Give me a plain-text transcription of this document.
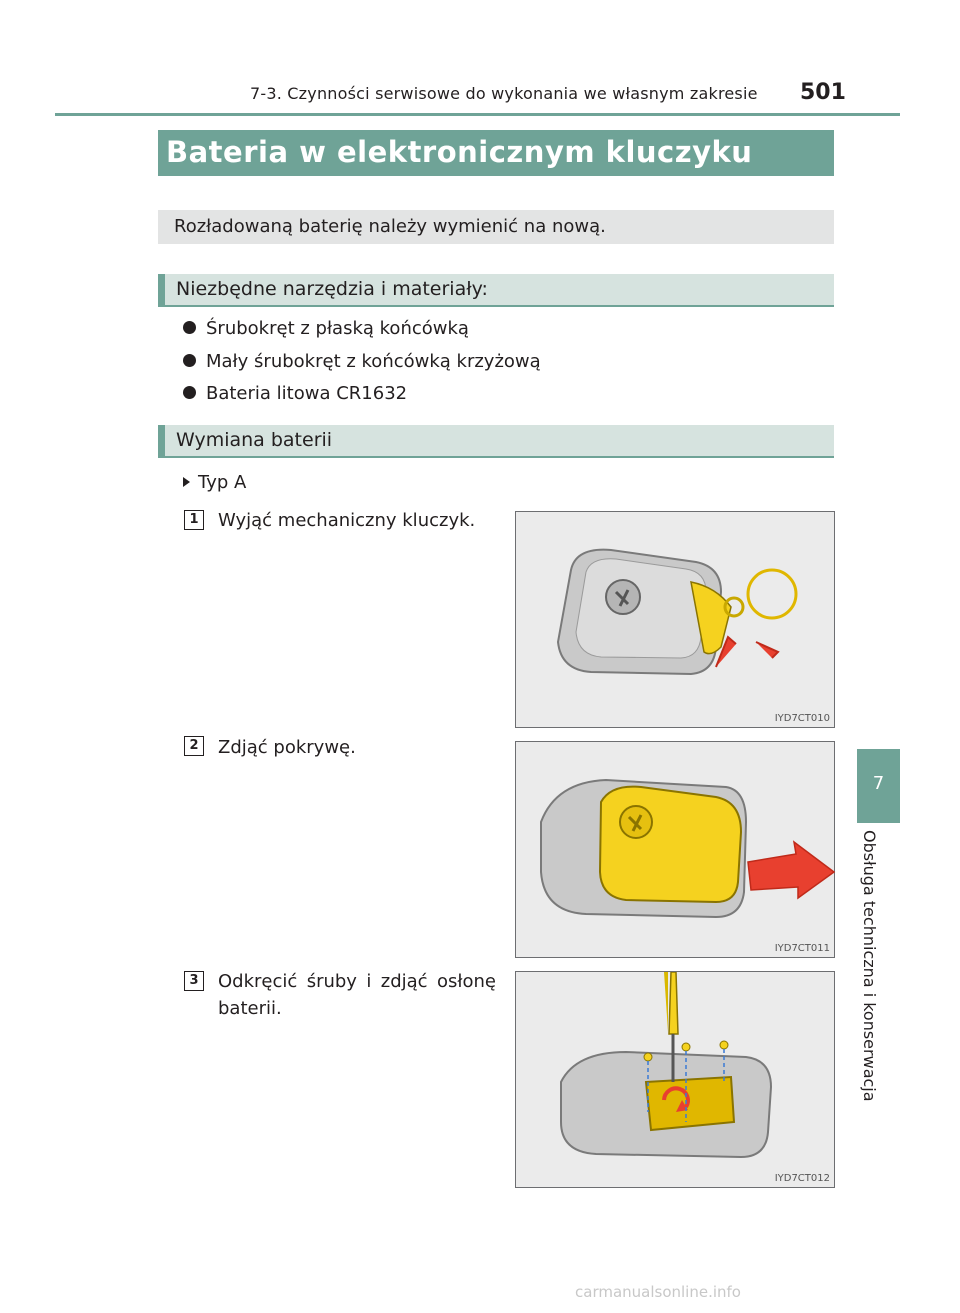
7-3. Czynności serwisowe do wykonania we własnym zakresie 501
Bateria w elektronicznym kluczyku
Rozładowaną baterię należy wymienić na nową.
Niezbędne narzędzia i materiały:
Śrubokręt z płaską końcówką
Mały śrubokręt z końcówką krzyżową
Bateria litowa CR1632
Wymiana baterii
Typ A
1	Wyjąć mechaniczny kluczyk.
IYD7CT010
2	Zdjąć pokrywę.
IYD7CT011
3	Odkręcić śruby i zdjąć osłonę baterii.
IYD7CT012
7
Obsługa techniczna i konserwacja
carmanualsonline.info
